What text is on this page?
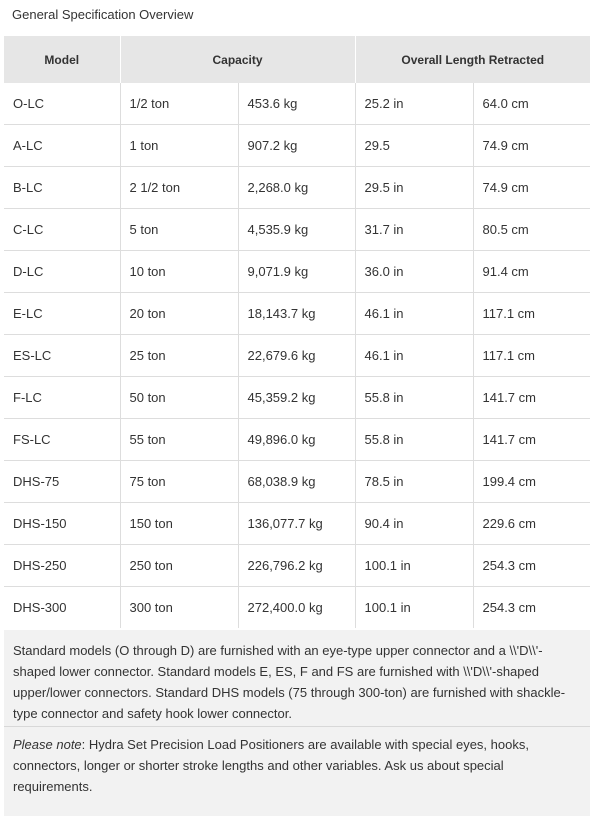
General Specification Overview
Model	Capacity		Overall Length Retracted	
O-LC	1/2 ton	453.6 kg	25.2 in	64.0 cm
A-LC	1 ton	907.2 kg	29.5	74.9 cm
B-LC	2 1/2 ton	2,268.0 kg	29.5 in	74.9 cm
C-LC	5 ton	4,535.9 kg	31.7 in	80.5 cm
D-LC	10 ton	9,071.9 kg	36.0 in	91.4 cm
E-LC	20 ton	18,143.7 kg	46.1 in	117.1 cm
ES-LC	25 ton	22,679.6 kg	46.1 in	117.1 cm
F-LC	50 ton	45,359.2 kg	55.8 in	141.7 cm
FS-LC	55 ton	49,896.0 kg	55.8 in	141.7 cm
DHS-75	75 ton	68,038.9 kg	78.5 in	199.4 cm
DHS-150	150 ton	136,077.7 kg	90.4 in	229.6 cm
DHS-250	250 ton	226,796.2 kg	100.1 in	254.3 cm
DHS-300	300 ton	272,400.0 kg	100.1 in	254.3 cm
Standard models (O through D) are furnished with an eye-type upper connector and a \\'D\\'-shaped lower connector. Standard models E, ES, F and FS are furnished with \\'D\\'-shaped upper/lower connectors. Standard DHS models (75 through 300-ton) are furnished with shackle-type connector and safety hook lower connector.
Please note: Hydra Set Precision Load Positioners are available with special eyes, hooks, connectors, longer or shorter stroke lengths and other variables. Ask us about special requirements.
